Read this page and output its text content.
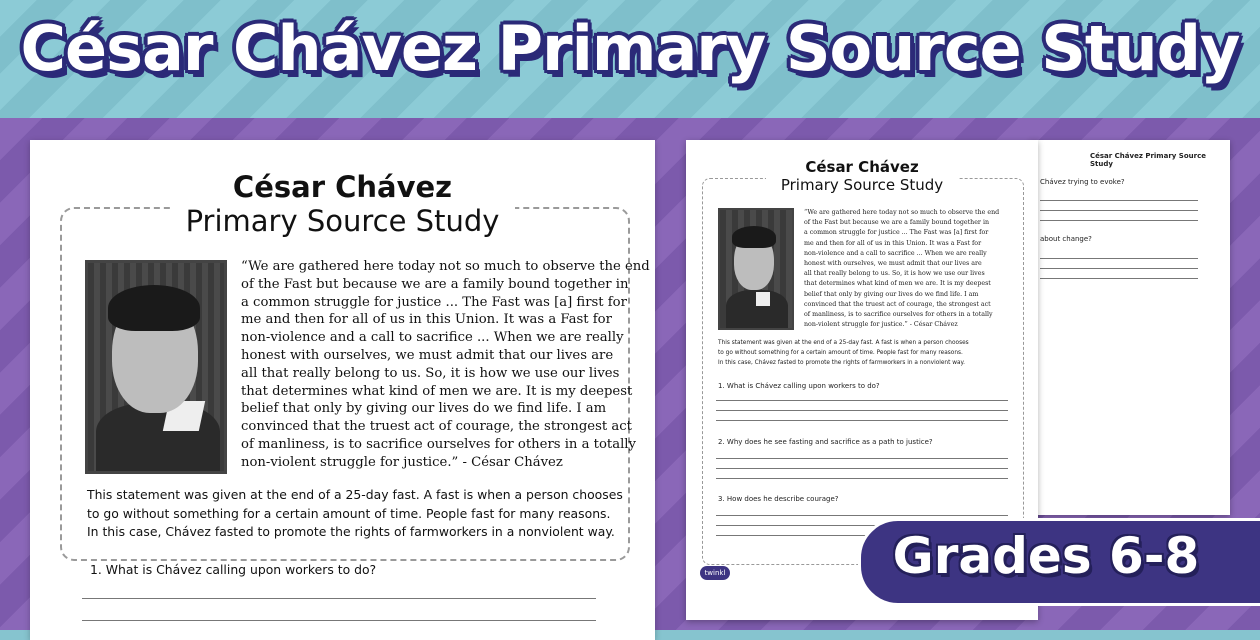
César Chávez Primary Source Study
César Chávez Primary Source Study
Chávez trying to evoke?
about change?
César Chávez
Primary Source Study
“We are gathered here today not so much to observe the end
of the Fast but because we are a family bound together in
a common struggle for justice ... The Fast was [a] first for
me and then for all of us in this Union. It was a Fast for
non-violence and a call to sacrifice ... When we are really
honest with ourselves, we must admit that our lives are
all that really belong to us. So, it is how we use our lives
that determines what kind of men we are. It is my deepest
belief that only by giving our lives do we find life. I am
convinced that the truest act of courage, the strongest act
of manliness, is to sacrifice ourselves for others in a totally
non-violent struggle for justice.” - César Chávez
This statement was given at the end of a 25-day fast. A fast is when a person chooses
to go without something for a certain amount of time. People fast for many reasons.
In this case, Chávez fasted to promote the rights of farmworkers in a nonviolent way.
1. What is Chávez calling upon workers to do?
2. Why does he see fasting and sacrifice as a path to justice?
3. How does he describe courage?
twinkl
César Chávez
Primary Source Study
“We are gathered here today not so much to observe the end
of the Fast but because we are a family bound together in
a common struggle for justice ... The Fast was [a] first for
me and then for all of us in this Union. It was a Fast for
non-violence and a call to sacrifice ... When we are really
honest with ourselves, we must admit that our lives are
all that really belong to us. So, it is how we use our lives
that determines what kind of men we are. It is my deepest
belief that only by giving our lives do we find life. I am
convinced that the truest act of courage, the strongest act
of manliness, is to sacrifice ourselves for others in a totally
non-violent struggle for justice.” - César Chávez
This statement was given at the end of a 25-day fast. A fast is when a person chooses
to go without something for a certain amount of time. People fast for many reasons.
In this case, Chávez fasted to promote the rights of farmworkers in a nonviolent way.
1. What is Chávez calling upon workers to do?	Grades 6-8
